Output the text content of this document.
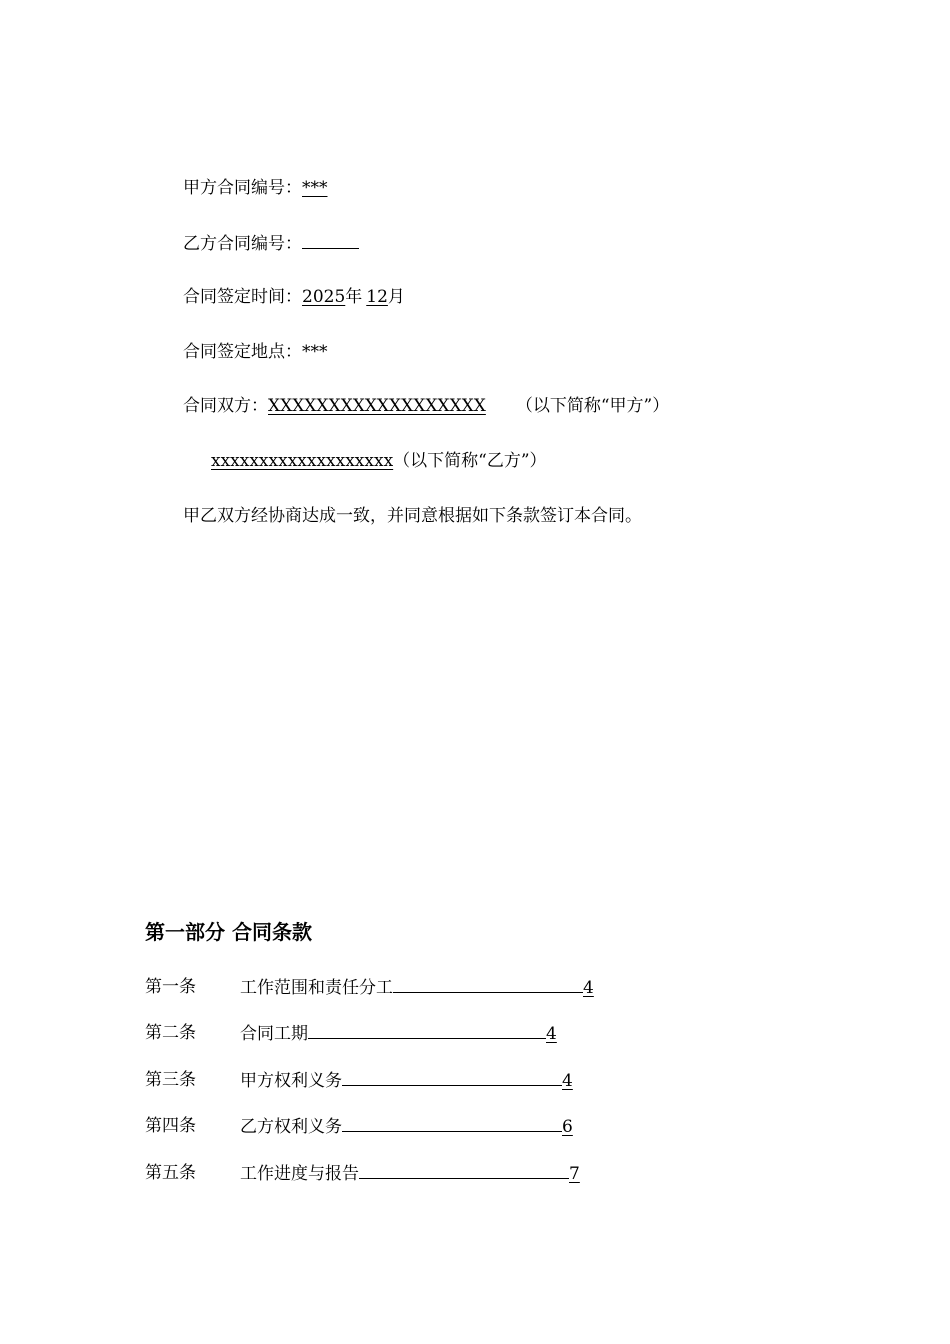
甲方合同编号：***
乙方合同编号：
合同签定时间：2025年 12月
合同签定地点：***
合同双方：XXXXXXXXXXXXXXXXXX （以下简称“甲方”）
xxxxxxxxxxxxxxxxxxx（以下简称“乙方”）
甲乙双方经协商达成一致，并同意根据如下条款签订本合同。
第一部分 合同条款
第一条	工作范围和责任分工	4
第二条	合同工期	4
第三条	甲方权利义务	4
第四条	乙方权利义务	6
第五条	工作进度与报告	7
